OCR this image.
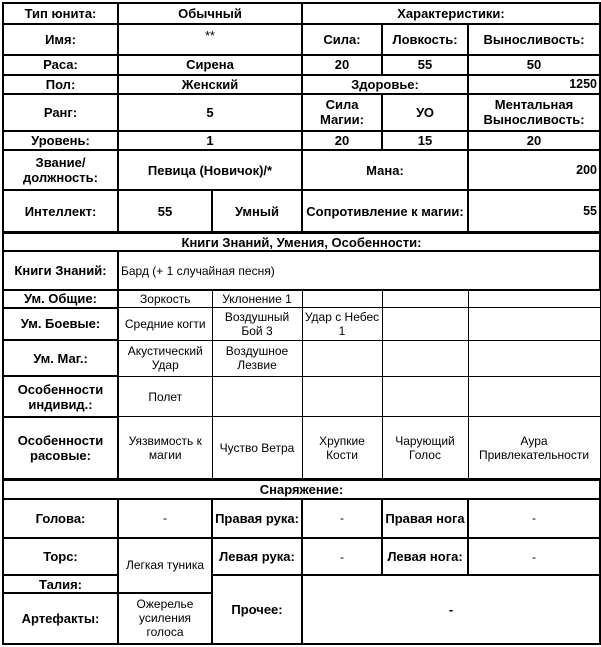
Тип юнита:	Обычный		Характеристики:		
Имя:	**		Сила:	Ловкость:	Выносливость:
Раса:	Сирена		20	55	50
Пол:	Женский		Здоровье:		1250
Ранг:	5		Сила Магии:	УО	Ментальная Выносливость:
Уровень:	1		20	15	20
Звание/ должность:	Певица (Новичок)/*		Мана:		200
Интеллект:	55	Умный	Сопротивление к магии:		55
Книги Знаний, Умения, Особенности:					
Книги Знаний:	Бард (+ 1 случайная песня)				
Ум. Общие:	Зоркость	Уклонение 1			
Ум. Боевые:	Средние когти	Воздушный Бой 3	Удар с Небес 1		
Ум. Маг.:	Акустический Удар	Воздушное Лезвие			
Особенности индивид.:	Полет				
Особенности расовые:	Уязвимость к магии	Чуство Ветра	Хрупкие Кости	Чарующий Голос	Аура Привлекательности
Снаряжение:					
Голова:	-	Правая рука:	-	Правая нога	-
Торс:	Легкая туника	Левая рука:	-	Левая нога:	-
Талия:		Прочее:	-		
Артефакты:	Ожерелье усиления голоса				
